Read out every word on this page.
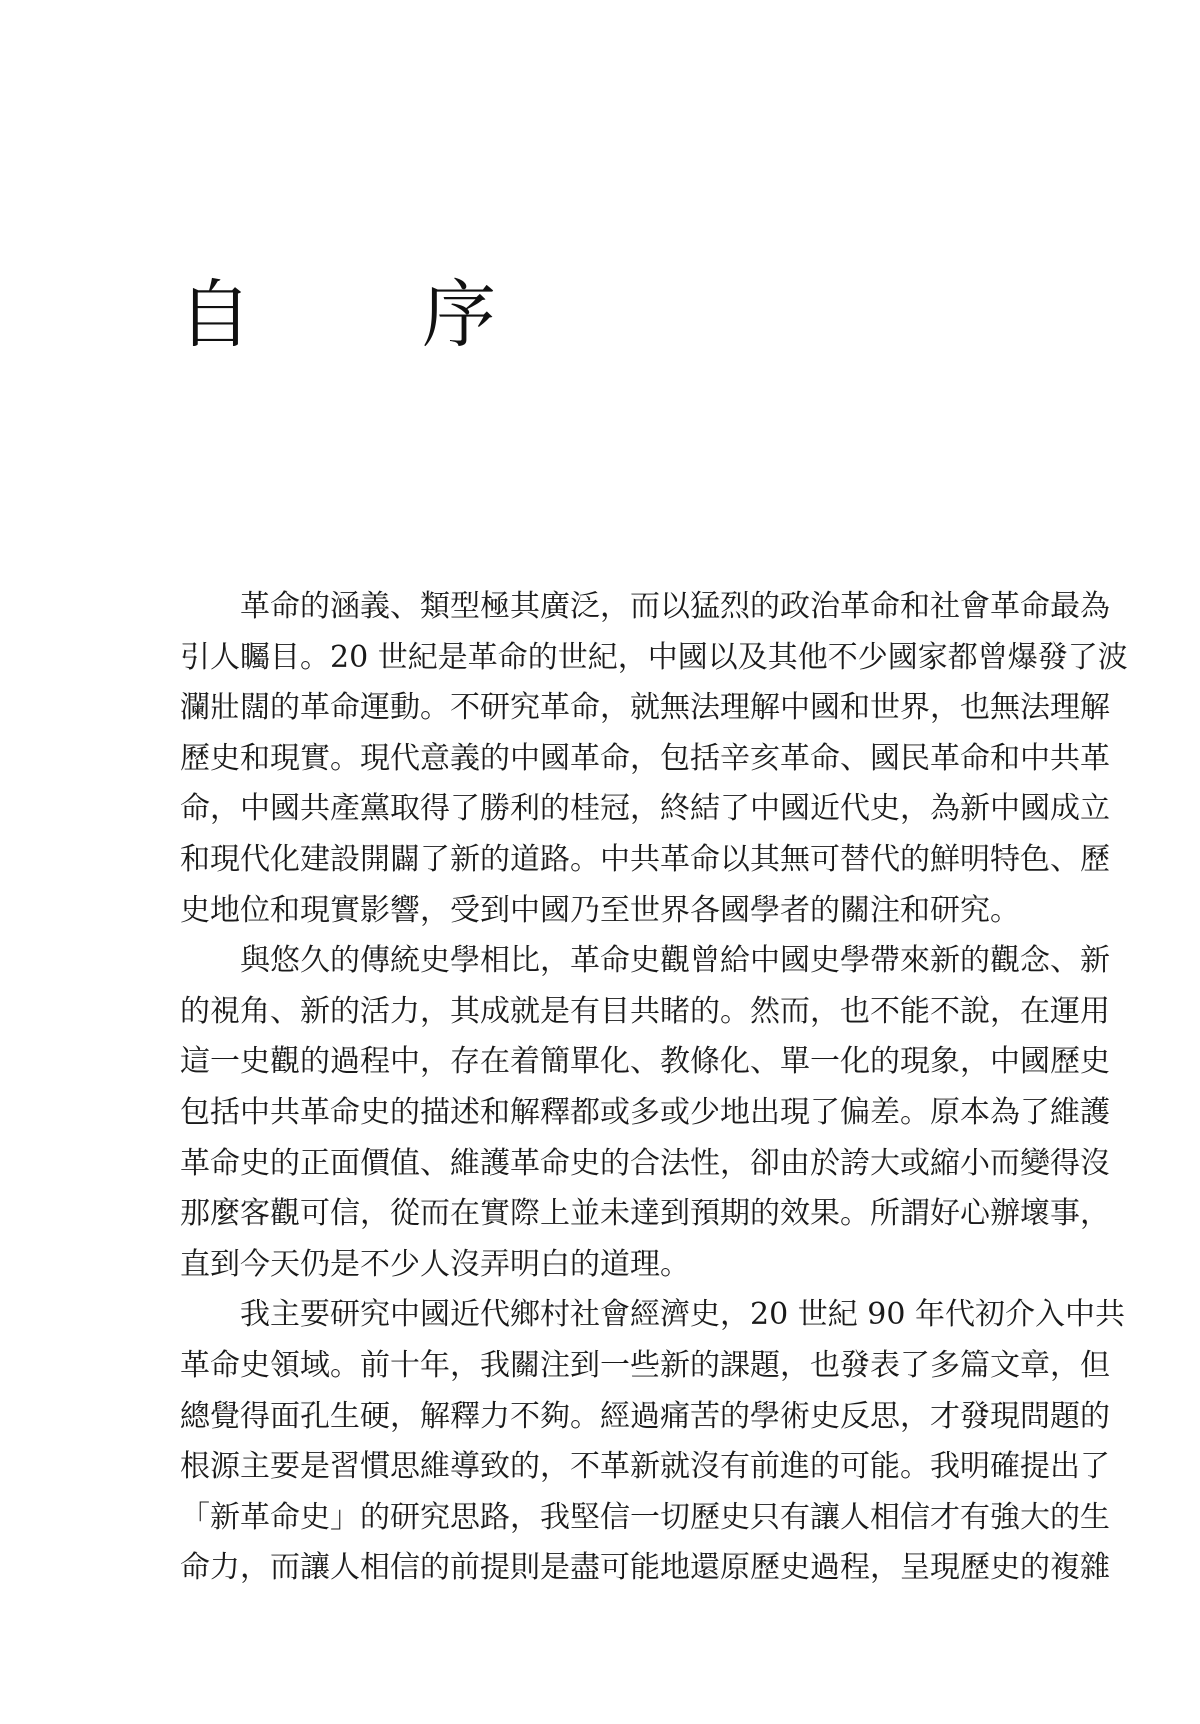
自　序
革命的涵義、類型極其廣泛，而以猛烈的政治革命和社會革命最為
引人矚目。20 世紀是革命的世紀，中國以及其他不少國家都曾爆發了波
瀾壯闊的革命運動。不研究革命，就無法理解中國和世界，也無法理解
歷史和現實。現代意義的中國革命，包括辛亥革命、國民革命和中共革
命，中國共產黨取得了勝利的桂冠，終結了中國近代史，為新中國成立
和現代化建設開闢了新的道路。中共革命以其無可替代的鮮明特色、歷
史地位和現實影響，受到中國乃至世界各國學者的關注和研究。
與悠久的傳統史學相比，革命史觀曾給中國史學帶來新的觀念、新
的視角、新的活力，其成就是有目共睹的。然而，也不能不說，在運用
這一史觀的過程中，存在着簡單化、教條化、單一化的現象，中國歷史
包括中共革命史的描述和解釋都或多或少地出現了偏差。原本為了維護
革命史的正面價值、維護革命史的合法性，卻由於誇大或縮小而變得沒
那麼客觀可信，從而在實際上並未達到預期的效果。所謂好心辦壞事，
直到今天仍是不少人沒弄明白的道理。
我主要研究中國近代鄉村社會經濟史，20 世紀 90 年代初介入中共
革命史領域。前十年，我關注到一些新的課題，也發表了多篇文章，但
總覺得面孔生硬，解釋力不夠。經過痛苦的學術史反思，才發現問題的
根源主要是習慣思維導致的，不革新就沒有前進的可能。我明確提出了
「新革命史」的研究思路，我堅信一切歷史只有讓人相信才有強大的生
命力，而讓人相信的前提則是盡可能地還原歷史過程，呈現歷史的複雜
